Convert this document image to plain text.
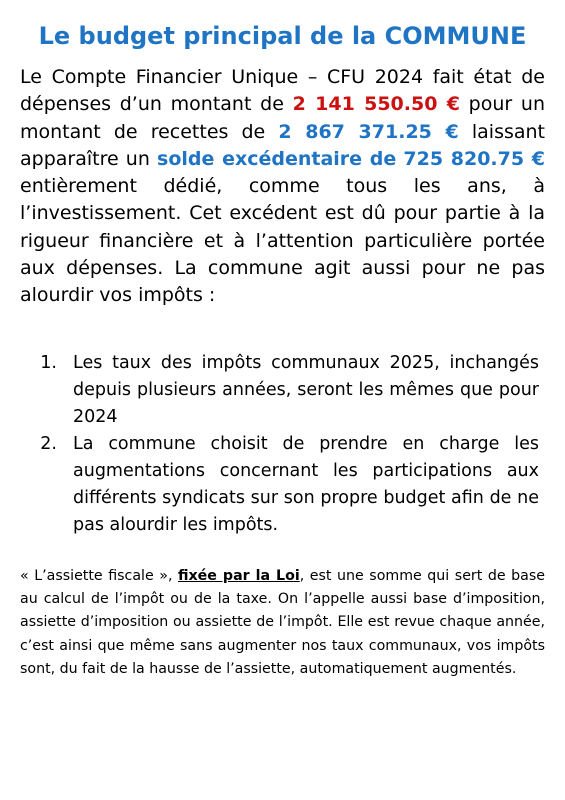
Le budget principal de la COMMUNE

Le Compte Financier Unique – CFU 2024 fait état de dépenses d’un montant de 2 141 550.50 € pour un montant de recettes de 2 867 371.25 € laissant apparaître un solde excédentaire de 725 820.75 € entièrement dédié, comme tous les ans, à l’investissement. Cet excédent est dû pour partie à la rigueur financière et à l’attention particulière portée aux dépenses. La commune agit aussi pour ne pas alourdir vos impôts :

1. Les taux des impôts communaux 2025, inchangés depuis plusieurs années, seront les mêmes que pour 2024
2. La commune choisit de prendre en charge les augmentations concernant les participations aux différents syndicats sur son propre budget afin de ne pas alourdir les impôts.

« L’assiette fiscale », fixée par la Loi, est une somme qui sert de base au calcul de l’impôt ou de la taxe. On l’appelle aussi base d’imposition, assiette d’imposition ou assiette de l’impôt. Elle est revue chaque année, c’est ainsi que même sans augmenter nos taux communaux, vos impôts sont, du fait de la hausse de l’assiette, automatiquement augmentés.
